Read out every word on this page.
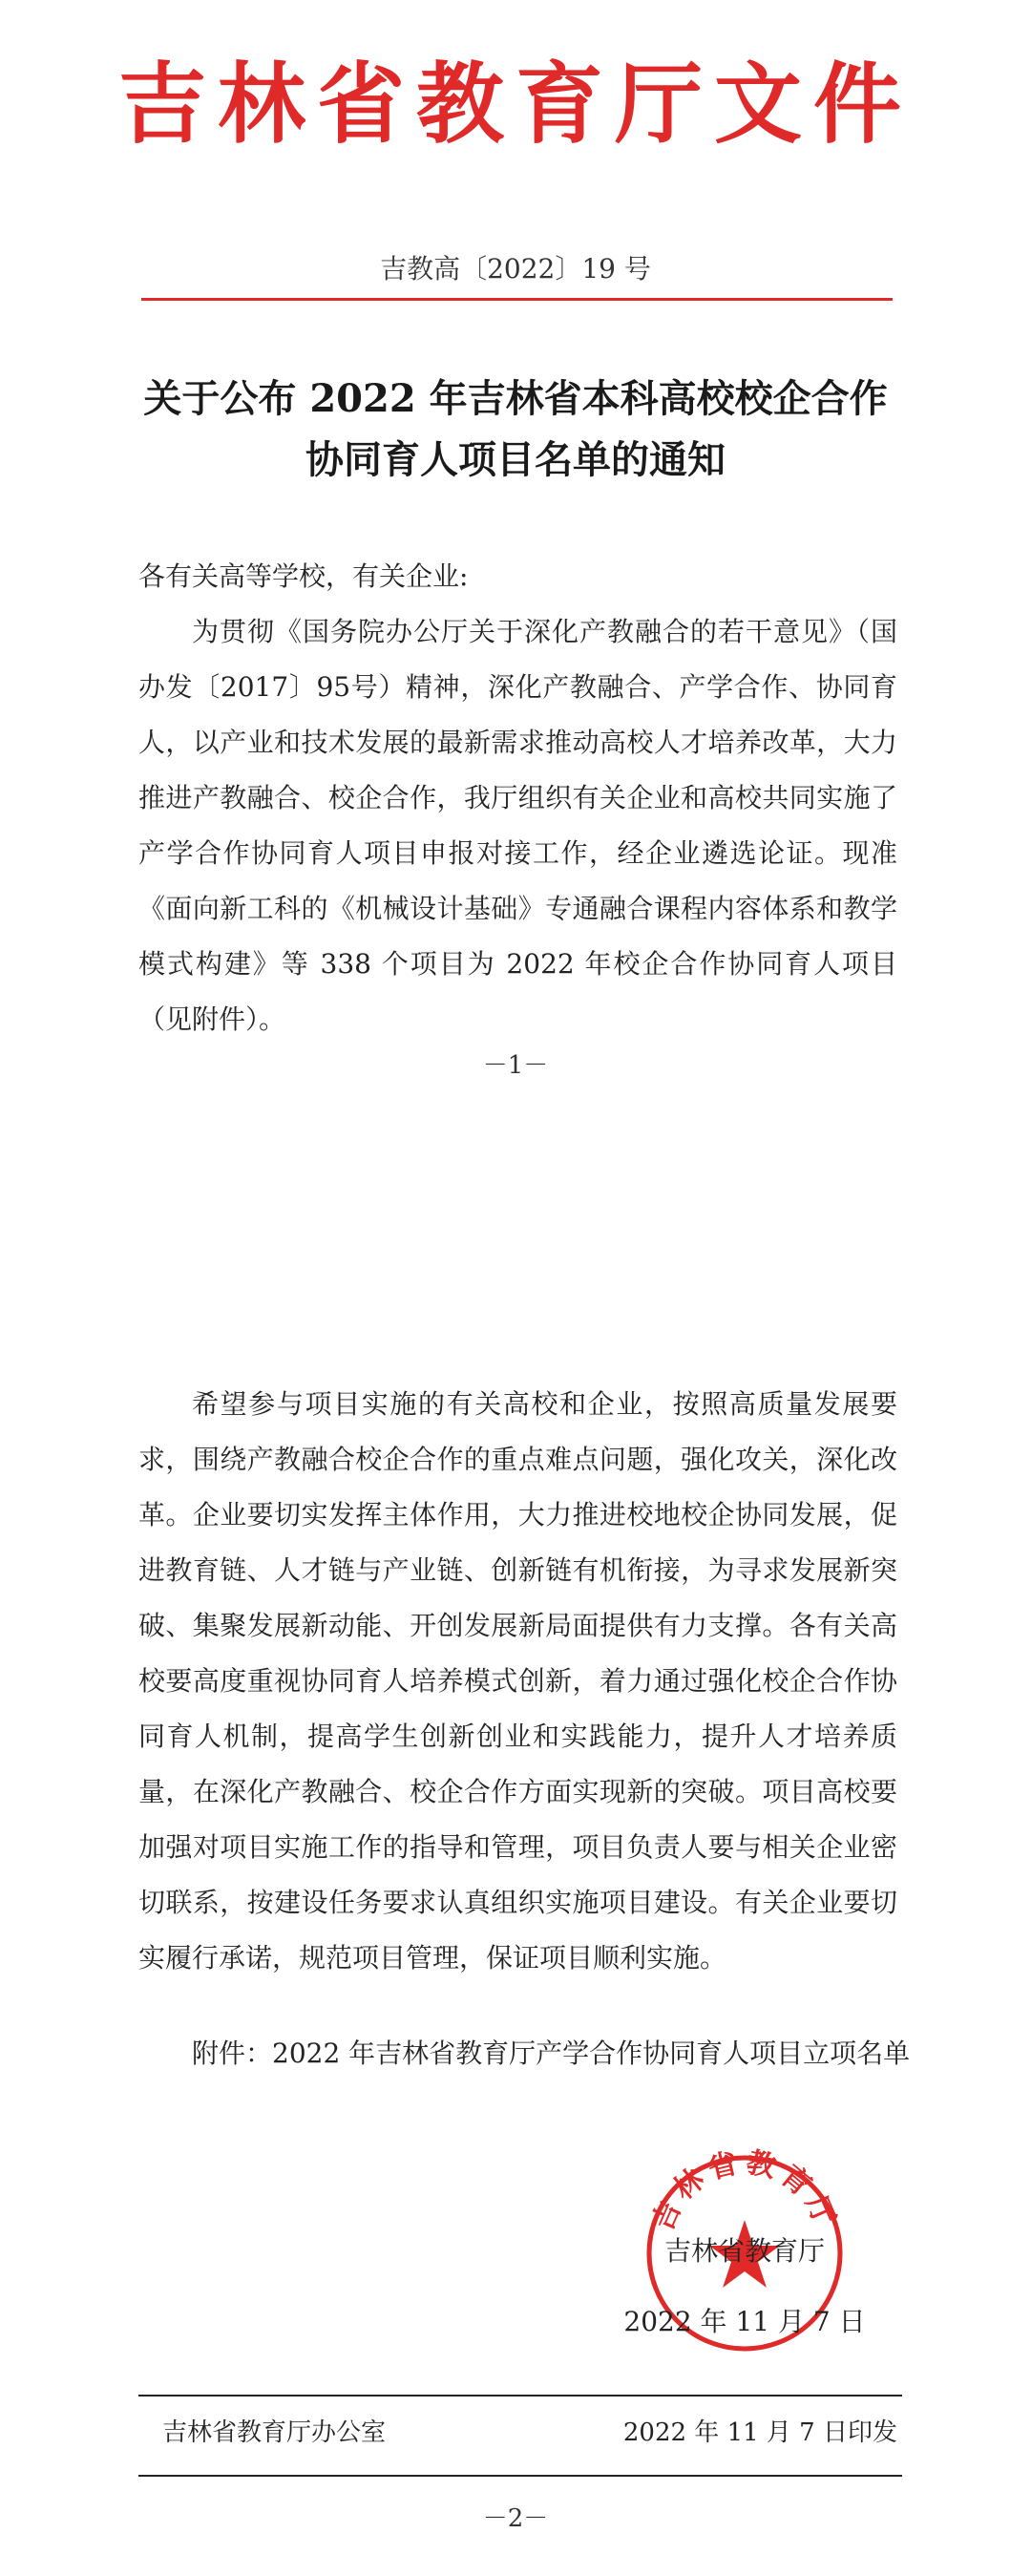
吉林省教育厅文件
吉教高〔2022〕19 号
关于公布 2022 年吉林省本科高校校企合作
协同育人项目名单的通知
各有关高等学校，有关企业:
为贯彻《国务院办公厅关于深化产教融合的若干意见》（国办发〔2017〕95号）精神，深化产教融合、产学合作、协同育人，以产业和技术发展的最新需求推动高校人才培养改革，大力推进产教融合、校企合作，我厅组织有关企业和高校共同实施了产学合作协同育人项目申报对接工作，经企业遴选论证。现准《面向新工科的《机械设计基础》专通融合课程内容体系和教学模式构建》等 338 个项目为 2022 年校企合作协同育人项目（见附件）。
－1－
希望参与项目实施的有关高校和企业，按照高质量发展要求，围绕产教融合校企合作的重点难点问题，强化攻关，深化改革。企业要切实发挥主体作用，大力推进校地校企协同发展，促进教育链、人才链与产业链、创新链有机衔接，为寻求发展新突破、集聚发展新动能、开创发展新局面提供有力支撑。各有关高校要高度重视协同育人培养模式创新，着力通过强化校企合作协同育人机制，提高学生创新创业和实践能力，提升人才培养质量，在深化产教融合、校企合作方面实现新的突破。项目高校要加强对项目实施工作的指导和管理，项目负责人要与相关企业密切联系，按建设任务要求认真组织实施项目建设。有关企业要切实履行承诺，规范项目管理，保证项目顺利实施。
附件：2022 年吉林省教育厅产学合作协同育人项目立项名单
吉林省教育厅
吉林省教育厅
2022 年 11 月 7 日
吉林省教育厅办公室	2022 年 11 月 7 日印发
－2－
